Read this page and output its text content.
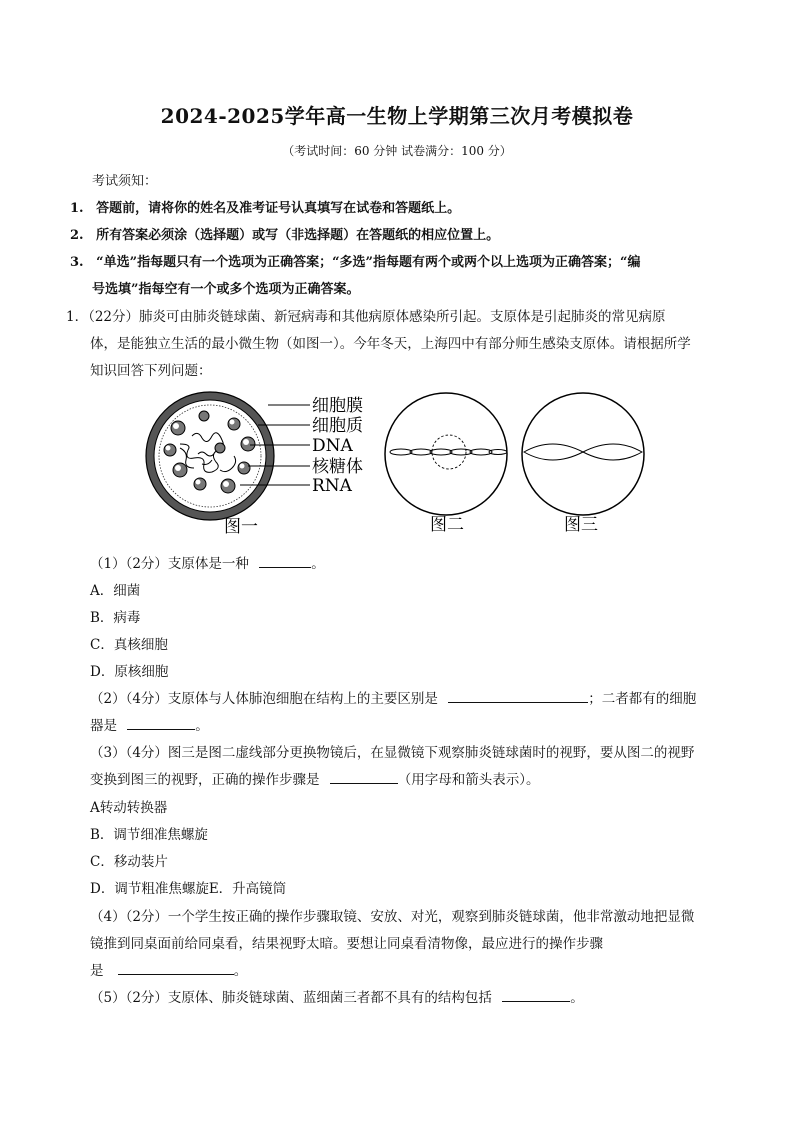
2024-2025学年高一生物上学期第三次月考模拟卷
（考试时间：60 分钟 试卷满分：100 分）
考试须知：
1. 答题前，请将你的姓名及准考证号认真填写在试卷和答题纸上。
2. 所有答案必须涂（选择题）或写（非选择题）在答题纸的相应位置上。
3. “单选”指每题只有一个选项为正确答案；“多选”指每题有两个或两个以上选项为正确答案；“编
号选填”指每空有一个或多个选项为正确答案。
1．（22分）肺炎可由肺炎链球菌、新冠病毒和其他病原体感染所引起。支原体是引起肺炎的常见病原
体，是能独立生活的最小微生物（如图一）。今年冬天，上海四中有部分师生感染支原体。请根据所学
知识回答下列问题：
细胞膜
细胞质
DNA
核糖体
RNA
图一	图二	图三
（1）（2分）支原体是一种	。
A．细菌
B．病毒
C．真核细胞
D．原核细胞
（2）（4分）支原体与人体肺泡细胞在结构上的主要区别是	；二者都有的细胞
器是	。
（3）（4分）图三是图二虚线部分更换物镜后，在显微镜下观察肺炎链球菌时的视野，要从图二的视野
变换到图三的视野，正确的操作步骤是	（用字母和箭头表示）。
A转动转换器
B．调节细准焦螺旋
C．移动装片
D．调节粗准焦螺旋E．升高镜筒
（4）（2分）一个学生按正确的操作步骤取镜、安放、对光，观察到肺炎链球菌，他非常激动地把显微
镜推到同桌面前给同桌看，结果视野太暗。要想让同桌看清物像，最应进行的操作步骤
是	。
（5）（2分）支原体、肺炎链球菌、蓝细菌三者都不具有的结构包括	。
